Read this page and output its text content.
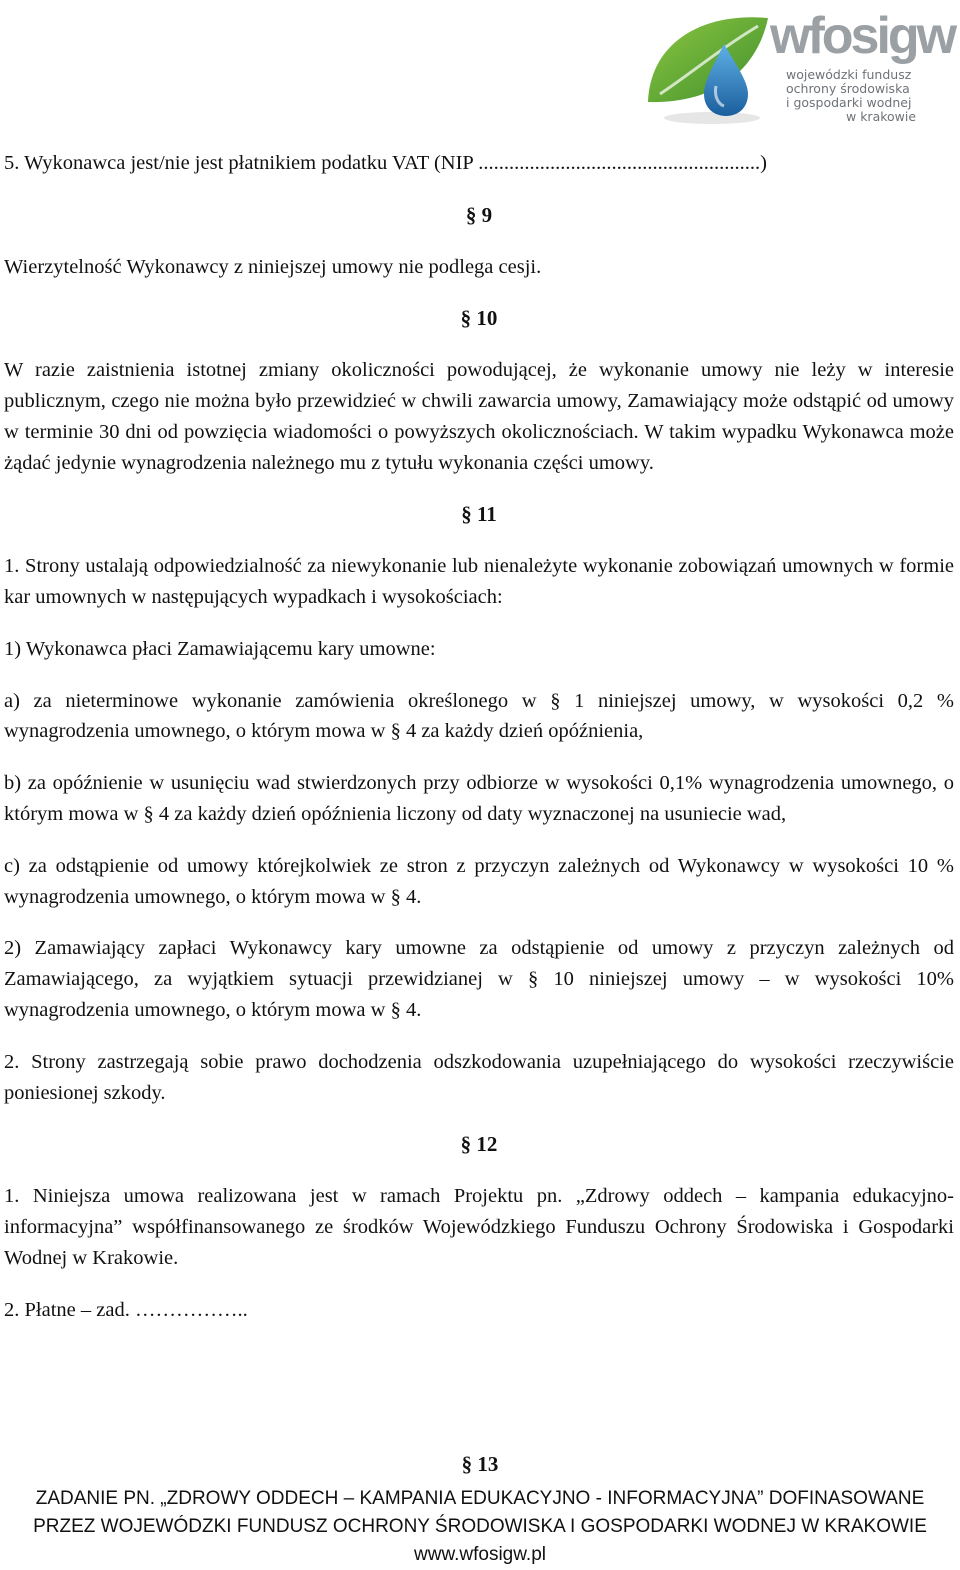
wfosigw
wojewódzki fundusz
ochrony środowiska
i gospodarki wodnej
w krakowie

5. Wykonawca jest/nie jest płatnikiem podatku VAT (NIP .......................................................)

§ 9

Wierzytelność Wykonawcy z niniejszej umowy nie podlega cesji.

§ 10

W razie zaistnienia istotnej zmiany okoliczności powodującej, że wykonanie umowy nie leży w interesie publicznym, czego nie można było przewidzieć w chwili zawarcia umowy, Zamawiający może odstąpić od umowy w terminie 30 dni od powzięcia wiadomości o powyższych okolicznościach. W takim wypadku Wykonawca może żądać jedynie wynagrodzenia należnego mu z tytułu wykonania części umowy.

§ 11

1. Strony ustalają odpowiedzialność za niewykonanie lub nienależyte wykonanie zobowiązań umownych w formie kar umownych w następujących wypadkach i wysokościach:

1) Wykonawca płaci Zamawiającemu kary umowne:

a) za nieterminowe wykonanie zamówienia określonego w § 1 niniejszej umowy, w wysokości 0,2 % wynagrodzenia umownego, o którym mowa w § 4 za każdy dzień opóźnienia,

b) za opóźnienie w usunięciu wad stwierdzonych przy odbiorze w wysokości 0,1% wynagrodzenia umownego, o którym mowa w § 4 za każdy dzień opóźnienia liczony od daty wyznaczonej na usuniecie wad,

c) za odstąpienie od umowy którejkolwiek ze stron z przyczyn zależnych od Wykonawcy w wysokości 10 % wynagrodzenia umownego, o którym mowa w § 4.

2) Zamawiający zapłaci Wykonawcy kary umowne za odstąpienie od umowy z przyczyn zależnych od Zamawiającego, za wyjątkiem sytuacji przewidzianej w § 10 niniejszej umowy – w wysokości 10% wynagrodzenia umownego, o którym mowa w § 4.

2. Strony zastrzegają sobie prawo dochodzenia odszkodowania uzupełniającego do wysokości rzeczywiście poniesionej szkody.

§ 12

1. Niniejsza umowa realizowana jest w ramach Projektu pn. „Zdrowy oddech – kampania edukacyjno-informacyjna” współfinansowanego ze środków Wojewódzkiego Funduszu Ochrony Środowiska i Gospodarki Wodnej w Krakowie.

2. Płatne – zad. ……………..

§ 13
ZADANIE PN. „ZDROWY ODDECH – KAMPANIA EDUKACYJNO - INFORMACYJNA” DOFINASOWANE
PRZEZ WOJEWÓDZKI FUNDUSZ OCHRONY ŚRODOWISKA I GOSPODARKI WODNEJ W KRAKOWIE
www.wfosigw.pl
